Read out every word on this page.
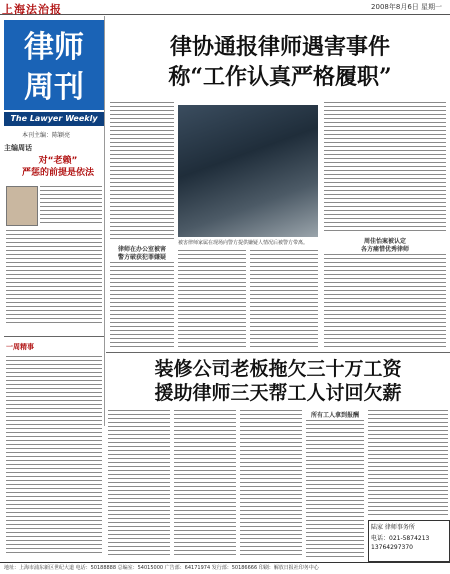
上海法治报	2008年8月6日 星期一
律师
周刊
The Lawyer Weekly
本刊主编：陈颖亮
主编周话
对“老赖”
严惩的前提是依法
一周精事
律协通报律师遇害事件
称“工作认真严格履职”
律师在办公室被害
警方破获犯罪嫌疑
被害律师家属在现场向警方提供嫌疑人情况后被警方带离。	周佳怡案被认定
各方痛惜优秀律师
装修公司老板拖欠三十万工资
援助律师三天帮工人讨回欠薪
所有工人拿到报酬
陆家 律师事务所
电话：021-5874213
13764297370
地址：上海市浦东新区世纪大道 电话：50188888 总编室：54015000 广告部：64171974 发行部：50186666 印刷：解放日报社印务中心
